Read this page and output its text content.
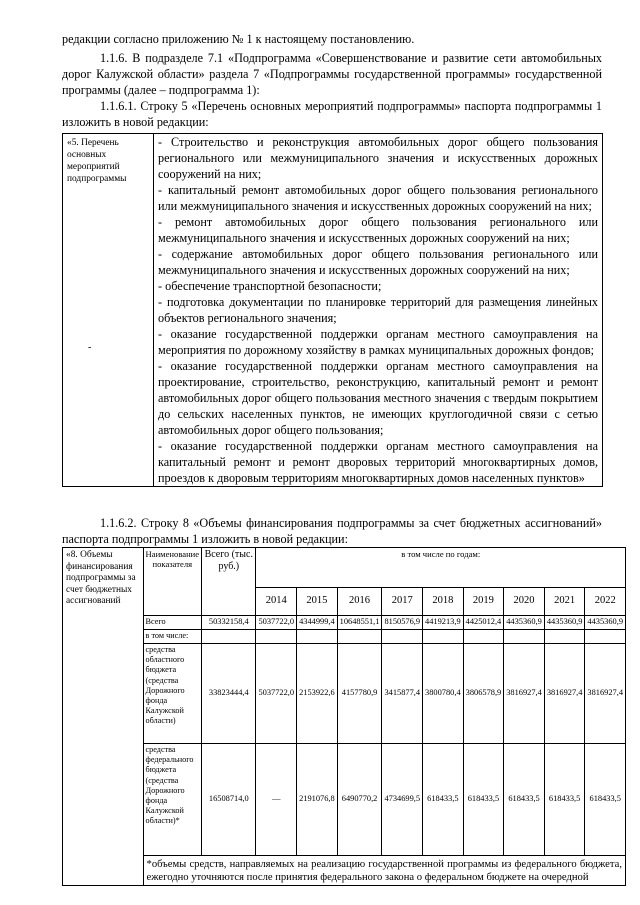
редакции согласно приложению № 1 к настоящему постановлению.

1.1.6. В подразделе 7.1 «Подпрограмма «Совершенствование и развитие сети автомобильных дорог Калужской области» раздела 7 «Подпрограммы государственной программы» государственной программы (далее – подпрограмма 1):

1.1.6.1. Строку 5 «Перечень основных мероприятий подпрограммы» паспорта подпрограммы 1 изложить в новой редакции:

«5. Перечень основных мероприятий подпрограммы
-

- Строительство и реконструкция автомобильных дорог общего пользования регионального или межмуниципального значения и искусственных дорожных сооружений на них;

- капитальный ремонт автомобильных дорог общего пользования регионального или межмуниципального значения и искусственных дорожных сооружений на них;

- ремонт автомобильных дорог общего пользования регионального или межмуниципального значения и искусственных дорожных сооружений на них;

- содержание автомобильных дорог общего пользования регионального или межмуниципального значения и искусственных дорожных сооружений на них;

- обеспечение транспортной безопасности;

- подготовка документации по планировке территорий для размещения линейных объектов регионального значения;

- оказание государственной поддержки органам местного самоуправления на мероприятия по дорожному хозяйству в рамках муниципальных дорожных фондов;

- оказание государственной поддержки органам местного самоуправления на проектирование, строительство, реконструкцию, капитальный ремонт и ремонт автомобильных дорог общего пользования местного значения с твердым покрытием до сельских населенных пунктов, не имеющих круглогодичной связи с сетью автомобильных дорог общего пользования;

- оказание государственной поддержки органам местного самоуправления на капитальный ремонт и ремонт дворовых территорий многоквартирных домов, проездов к дворовым территориям многоквартирных домов населенных пунктов»

1.1.6.2. Строку 8 «Объемы финансирования подпрограммы за счет бюджетных ассигнований» паспорта подпрограммы 1 изложить в новой редакции:

«8. Объемы финансирования подпрограммы за счет бюджетных ассигнований	Наименование показателя	Всего (тыс. руб.)	в том числе по годам:								
			2014	2015	2016	2017	2018	2019	2020	2021	2022
	Всего	50332158,4	5037722,0	4344999,4	10648551,1	8150576,9	4419213,9	4425012,4	4435360,9	4435360,9	4435360,9
	в том числе:										
	средства областного бюджета (средства Дорожного фонда Калужской области)	33823444,4	5037722,0	2153922,6	4157780,9	3415877,4	3800780,4	3806578,9	3816927,4	3816927,4	3816927,4
	средства федерального бюджета (средства Дорожного фонда Калужской области)*	16508714,0	—	2191076,8	6490770,2	4734699,5	618433,5	618433,5	618433,5	618433,5	618433,5
	*объемы средств, направляемых на реализацию государственной программы из федерального бюджета, ежегодно уточняются после принятия федерального закона о федеральном бюджете на очередной										
